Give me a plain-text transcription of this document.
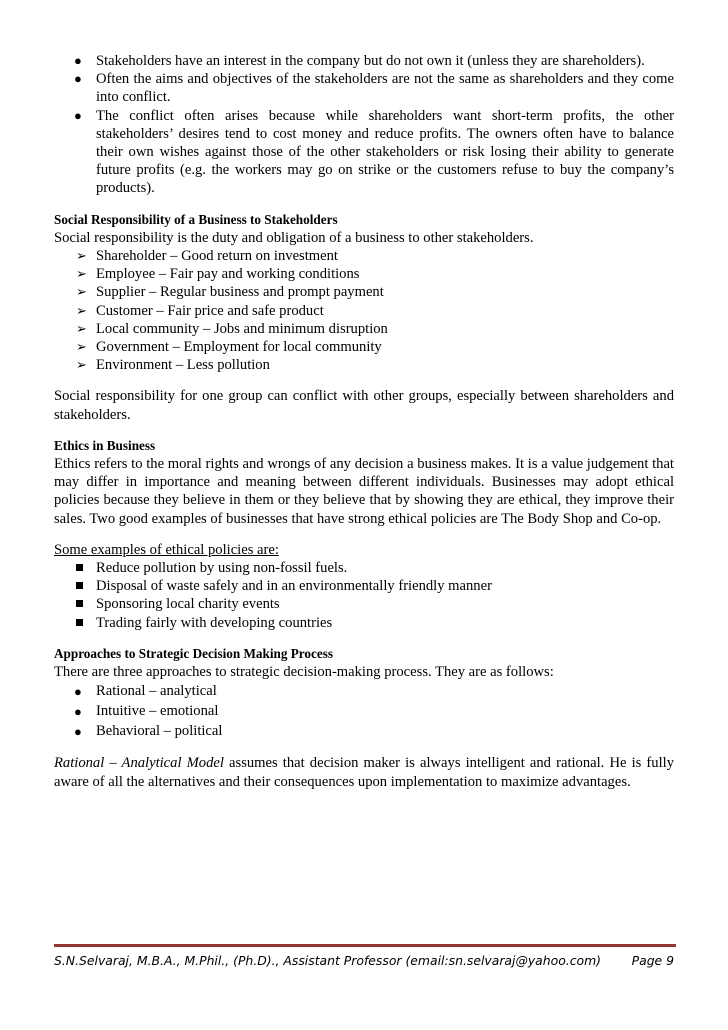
● Stakeholders have an interest in the company but do not own it (unless they are shareholders).
● Often the aims and objectives of the stakeholders are not the same as shareholders and they come into conflict.
● The conflict often arises because while shareholders want short-term profits, the other stakeholders’ desires tend to cost money and reduce profits. The owners often have to balance their own wishes against those of the other stakeholders or risk losing their ability to generate future profits (e.g. the workers may go on strike or the customers refuse to buy the company’s products).

Social Responsibility of a Business to Stakeholders

Social responsibility is the duty and obligation of a business to other stakeholders.

➢ Shareholder – Good return on investment
➢ Employee – Fair pay and working conditions
➢ Supplier – Regular business and prompt payment
➢ Customer – Fair price and safe product
➢ Local community – Jobs and minimum disruption
➢ Government – Employment for local community
➢ Environment – Less pollution

Social responsibility for one group can conflict with other groups, especially between shareholders and stakeholders.

Ethics in Business

Ethics refers to the moral rights and wrongs of any decision a business makes. It is a value judgement that may differ in importance and meaning between different individuals. Businesses may adopt ethical policies because they believe in them or they believe that by showing they are ethical, they improve their sales. Two good examples of businesses that have strong ethical policies are The Body Shop and Co-op.

Some examples of ethical policies are:

Reduce pollution by using non-fossil fuels.
Disposal of waste safely and in an environmentally friendly manner
Sponsoring local charity events
Trading fairly with developing countries

Approaches to Strategic Decision Making Process

There are three approaches to strategic decision-making process. They are as follows:

● Rational – analytical
● Intuitive – emotional
● Behavioral – political

Rational – Analytical Model assumes that decision maker is always intelligent and rational. He is fully aware of all the alternatives and their consequences upon implementation to maximize advantages.

S.N.Selvaraj, M.B.A., M.Phil., (Ph.D)., Assistant Professor (email:sn.selvaraj@yahoo.com) Page 9
